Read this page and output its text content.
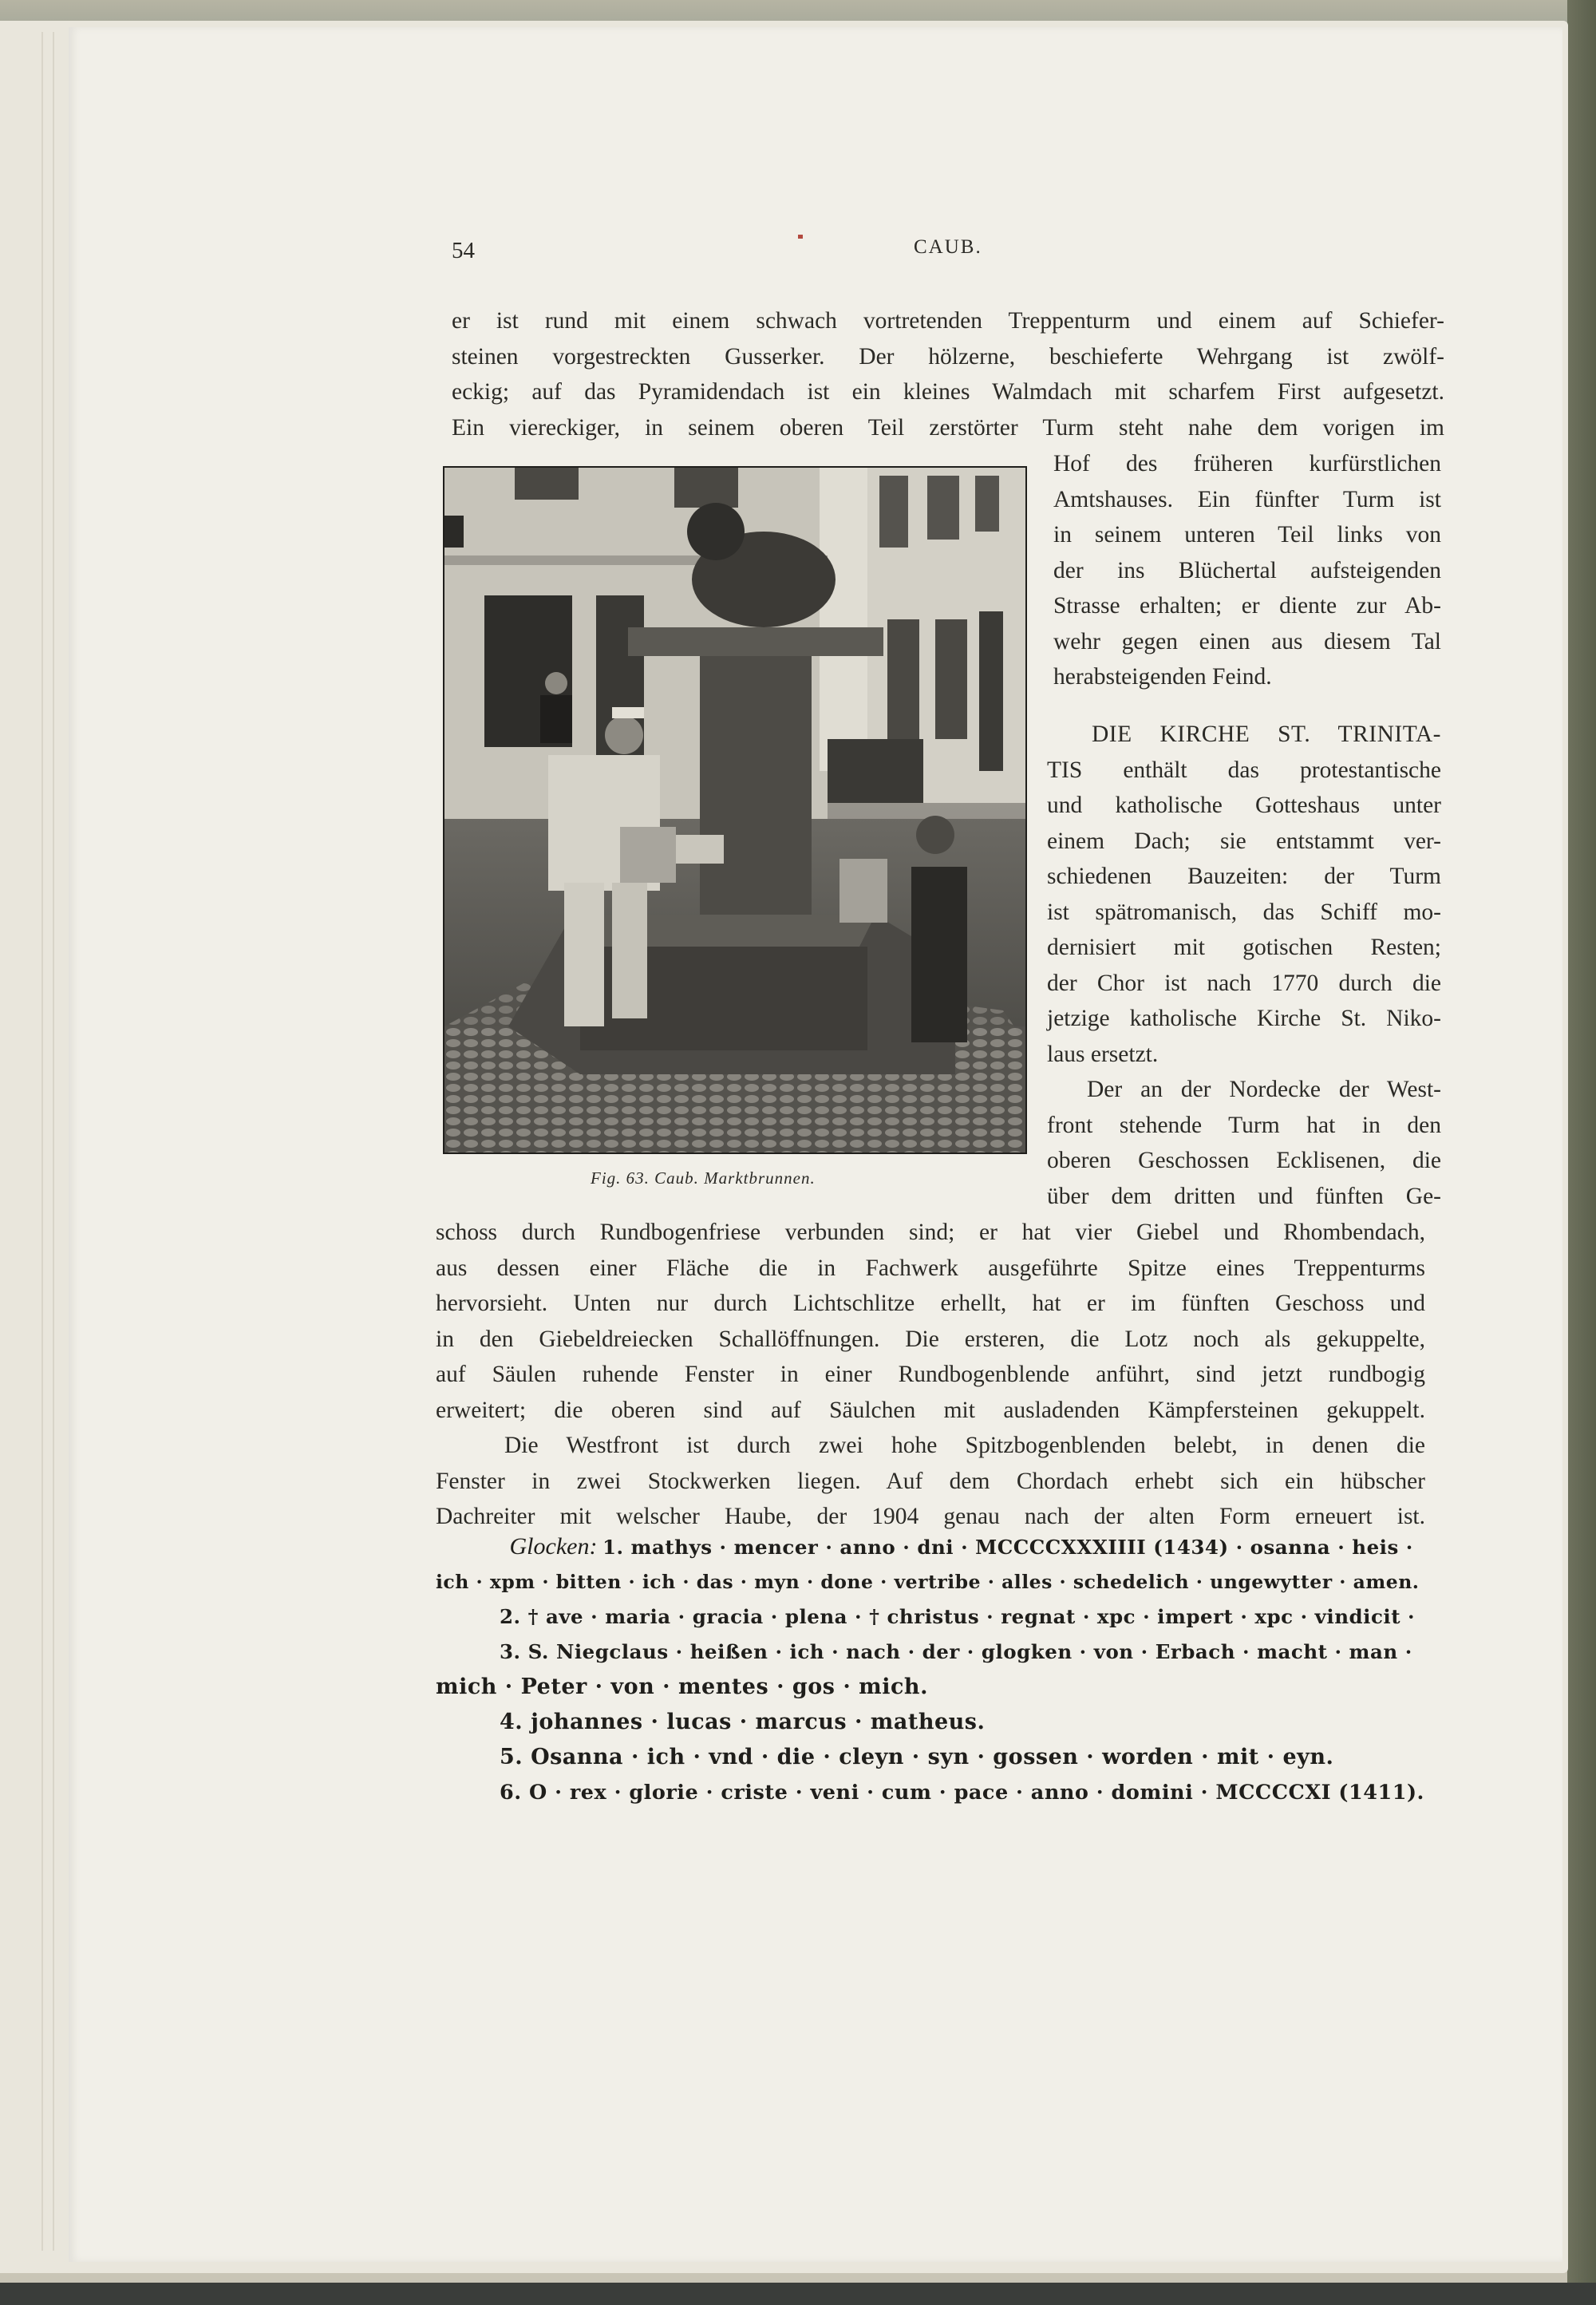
54	CAUB.
er ist rund mit einem schwach vortretenden Treppenturm und einem auf Schiefer-
steinen vorgestreckten Gusserker. Der hölzerne, beschieferte Wehrgang ist zwölf-
eckig; auf das Pyramidendach ist ein kleines Walmdach mit scharfem First aufgesetzt.
Ein viereckiger, in seinem oberen Teil zerstörter Turm steht nahe dem vorigen im
Fig. 63. Caub. Marktbrunnen.
Hof des früheren kurfürstlichen
Amtshauses. Ein fünfter Turm ist
in seinem unteren Teil links von
der ins Blüchertal aufsteigenden
Strasse erhalten; er diente zur Ab-
wehr gegen einen aus diesem Tal
herabsteigenden Feind.
DIE KIRCHE ST. TRINITA-
TIS enthält das protestantische
und katholische Gotteshaus unter
einem Dach; sie entstammt ver-
schiedenen Bauzeiten: der Turm
ist spätromanisch, das Schiff mo-
dernisiert mit gotischen Resten;
der Chor ist nach 1770 durch die
jetzige katholische Kirche St. Niko-
laus ersetzt.
Der an der Nordecke der West-
front stehende Turm hat in den
oberen Geschossen Ecklisenen, die
über dem dritten und fünften Ge-
schoss durch Rundbogenfriese verbunden sind; er hat vier Giebel und Rhombendach,
aus dessen einer Fläche die in Fachwerk ausgeführte Spitze eines Treppenturms
hervorsieht. Unten nur durch Lichtschlitze erhellt, hat er im fünften Geschoss und
in den Giebeldreiecken Schallöffnungen. Die ersteren, die Lotz noch als gekuppelte,
auf Säulen ruhende Fenster in einer Rundbogenblende anführt, sind jetzt rundbogig
erweitert; die oberen sind auf Säulchen mit ausladenden Kämpfersteinen gekuppelt.
Die Westfront ist durch zwei hohe Spitzbogenblenden belebt, in denen die
Fenster in zwei Stockwerken liegen. Auf dem Chordach erhebt sich ein hübscher
Dachreiter mit welscher Haube, der 1904 genau nach der alten Form erneuert ist.
Glocken: 1. mathys · mencer · anno · dni · MCCCCXXXIIII (1434) · osanna · heis ·
ich · xpm · bitten · ich · das · myn · done · vertribe · alles · schedelich · ungewytter · amen.
2. † ave · maria · gracia · plena · † christus · regnat · xpc · impert · xpc · vindicit ·
3. S. Niegclaus · heißen · ich · nach · der · glogken · von · Erbach · macht · man ·
mich · Peter · von · mentes · gos · mich.
4. johannes · lucas · marcus · matheus.
5. Osanna · ich · vnd · die · cleyn · syn · gossen · worden · mit · eyn.
6. O · rex · glorie · criste · veni · cum · pace · anno · domini · MCCCCXI (1411).
